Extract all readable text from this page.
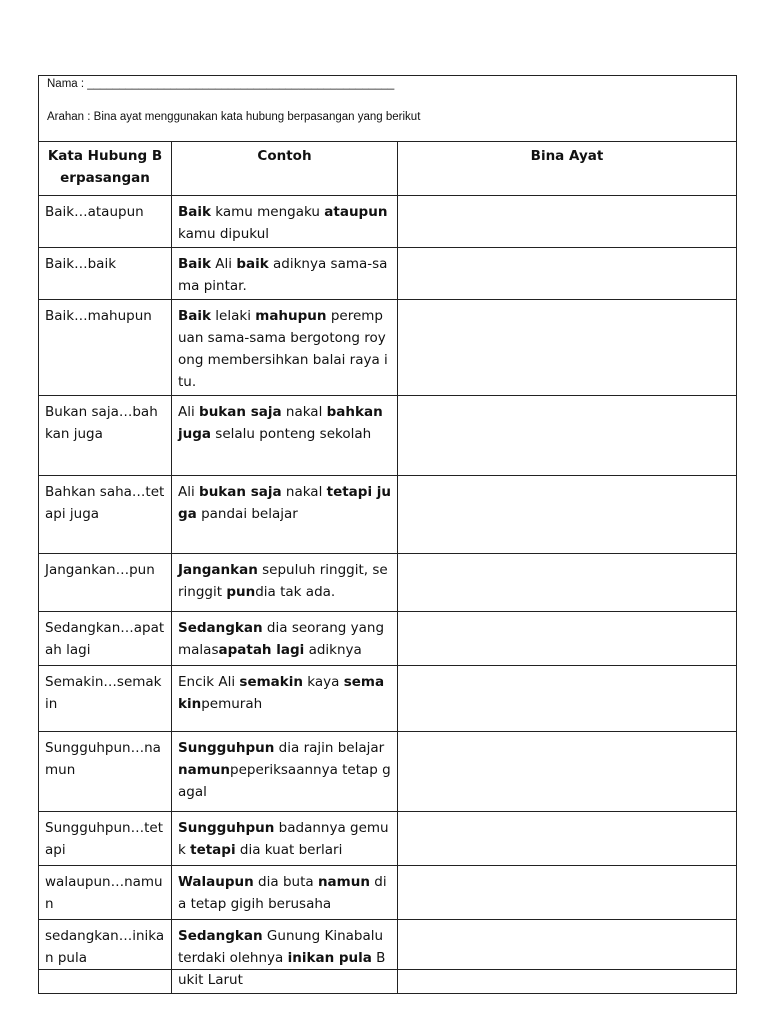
Nama : ________________________________________________
Arahan : Bina ayat menggunakan kata hubung berpasangan yang berikut
Kata Hubung Berpasangan	Contoh	Bina Ayat
Baik…ataupun	Baik kamu mengaku ataupun kamu dipukul	
Baik…baik	Baik Ali baik adiknya sama-sama pintar.	
Baik…mahupun	Baik lelaki mahupun perempuan sama-sama bergotong royong membersihkan balai raya itu.	
Bukan saja…bahkan juga	Ali bukan saja nakal bahkan juga selalu ponteng sekolah	
Bahkan saha…tetapi juga	Ali bukan saja nakal tetapi juga pandai belajar	
Jangankan…pun	Jangankan sepuluh ringgit, seringgit pundia tak ada.	
Sedangkan…apatah lagi	Sedangkan dia seorang yang malasapatah lagi adiknya	
Semakin…semakin	Encik Ali semakin kaya semakinpemurah	
Sungguhpun…namun	Sungguhpun dia rajin belajar namunpeperiksaannya tetap gagal	
Sungguhpun…tetapi	Sungguhpun badannya gemuk tetapi dia kuat berlari	
walaupun…namun	Walaupun dia buta namun dia tetap gigih berusaha	
sedangkan…inikan pula	Sedangkan Gunung Kinabalu terdaki olehnya inikan pula Bukit Larut	
